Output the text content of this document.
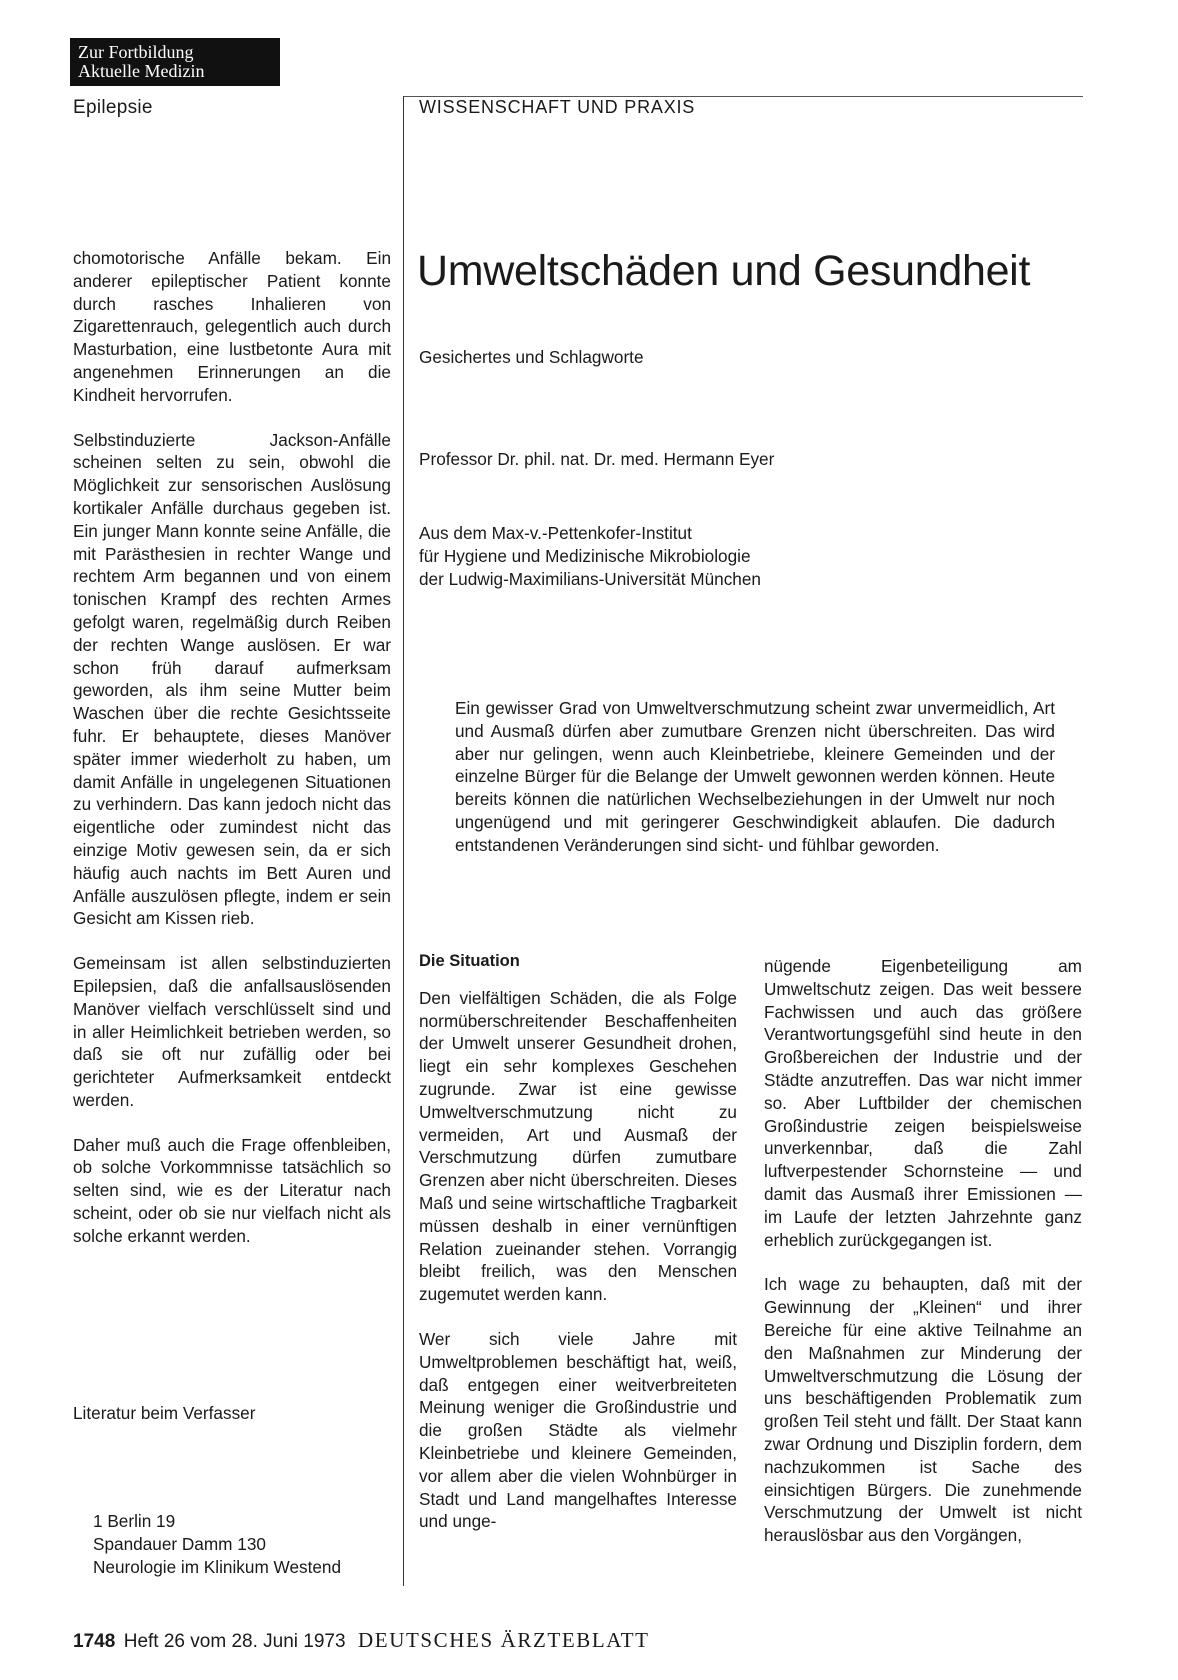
Zur Fortbildung
Aktuelle Medizin
Epilepsie	WISSENSCHAFT UND PRAXIS

chomotorische Anfälle bekam. Ein anderer epileptischer Patient konnte durch rasches Inhalieren von Zigarettenrauch, gelegentlich auch durch Masturbation, eine lustbetonte Aura mit angenehmen Erinnerungen an die Kindheit hervorrufen.

Selbstinduzierte Jackson-Anfälle scheinen selten zu sein, obwohl die Möglichkeit zur sensorischen Auslösung kortikaler Anfälle durchaus gegeben ist. Ein junger Mann konnte seine Anfälle, die mit Parästhesien in rechter Wange und rechtem Arm begannen und von einem tonischen Krampf des rechten Armes gefolgt waren, regelmäßig durch Reiben der rechten Wange auslösen. Er war schon früh darauf aufmerksam geworden, als ihm seine Mutter beim Waschen über die rechte Gesichtsseite fuhr. Er behauptete, dieses Manöver später immer wiederholt zu haben, um damit Anfälle in ungelegenen Situationen zu verhindern. Das kann jedoch nicht das eigentliche oder zumindest nicht das einzige Motiv gewesen sein, da er sich häufig auch nachts im Bett Auren und Anfälle auszulösen pflegte, indem er sein Gesicht am Kissen rieb.

Gemeinsam ist allen selbstinduzierten Epilepsien, daß die anfallsauslösenden Manöver vielfach verschlüsselt sind und in aller Heimlichkeit betrieben werden, so daß sie oft nur zufällig oder bei gerichteter Aufmerksamkeit entdeckt werden.

Daher muß auch die Frage offenbleiben, ob solche Vorkommnisse tatsächlich so selten sind, wie es der Literatur nach scheint, oder ob sie nur vielfach nicht als solche erkannt werden.

Literatur beim Verfasser
1 Berlin 19
Spandauer Damm 130
Neurologie im Klinikum Westend
Umweltschäden und Gesundheit
Gesichertes und Schlagworte
Professor Dr. phil. nat. Dr. med. Hermann Eyer
Aus dem Max-v.-Pettenkofer-Institut
für Hygiene und Medizinische Mikrobiologie
der Ludwig-Maximilians-Universität München
Ein gewisser Grad von Umweltverschmutzung scheint zwar unvermeidlich, Art und Ausmaß dürfen aber zumutbare Grenzen nicht überschreiten. Das wird aber nur gelingen, wenn auch Kleinbetriebe, kleinere Gemeinden und der einzelne Bürger für die Belange der Umwelt gewonnen werden können. Heute bereits können die natürlichen Wechselbeziehungen in der Umwelt nur noch ungenügend und mit geringerer Geschwindigkeit ablaufen. Die dadurch entstandenen Veränderungen sind sicht- und fühlbar geworden.
Die Situation

Den vielfältigen Schäden, die als Folge normüberschreitender Beschaffenheiten der Umwelt unserer Gesundheit drohen, liegt ein sehr komplexes Geschehen zugrunde. Zwar ist eine gewisse Umweltverschmutzung nicht zu vermeiden, Art und Ausmaß der Verschmutzung dürfen zumutbare Grenzen aber nicht überschreiten. Dieses Maß und seine wirtschaftliche Tragbarkeit müssen deshalb in einer vernünftigen Relation zueinander stehen. Vorrangig bleibt freilich, was den Menschen zugemutet werden kann.

Wer sich viele Jahre mit Umweltproblemen beschäftigt hat, weiß, daß entgegen einer weitverbreiteten Meinung weniger die Großindustrie und die großen Städte als vielmehr Kleinbetriebe und kleinere Gemeinden, vor allem aber die vielen Wohnbürger in Stadt und Land mangelhaftes Interesse und unge-

nügende Eigenbeteiligung am Umweltschutz zeigen. Das weit bessere Fachwissen und auch das größere Verantwortungsgefühl sind heute in den Großbereichen der Industrie und der Städte anzutreffen. Das war nicht immer so. Aber Luftbilder der chemischen Großindustrie zeigen beispielsweise unverkennbar, daß die Zahl luftverpestender Schornsteine — und damit das Ausmaß ihrer Emissionen — im Laufe der letzten Jahrzehnte ganz erheblich zurückgegangen ist.

Ich wage zu behaupten, daß mit der Gewinnung der „Kleinen“ und ihrer Bereiche für eine aktive Teilnahme an den Maßnahmen zur Minderung der Umweltverschmutzung die Lösung der uns beschäftigenden Problematik zum großen Teil steht und fällt. Der Staat kann zwar Ordnung und Disziplin fordern, dem nachzukommen ist Sache des einsichtigen Bürgers. Die zunehmende Verschmutzung der Umwelt ist nicht herauslösbar aus den Vorgängen,

1748 Heft 26 vom 28. Juni 1973 DEUTSCHES ÄRZTEBLATT
